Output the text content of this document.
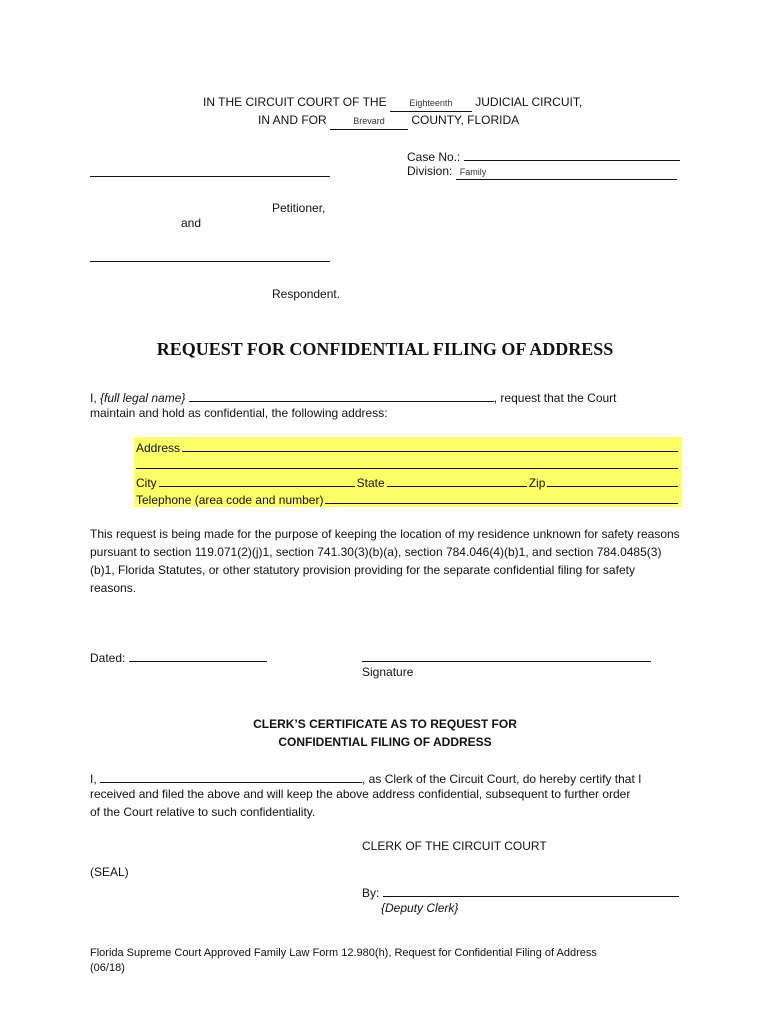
IN THE CIRCUIT COURT OF THE	Eighteenth JUDICIAL CIRCUIT,
IN AND FOR	Brevard COUNTY, FLORIDA
Case No.:
Division: Family
Petitioner,
and
Respondent.
REQUEST FOR CONFIDENTIAL FILING OF ADDRESS
I, {full legal name}	, request that the Court
maintain and hold as confidential, the following address:
Address
City	State	Zip
Telephone (area code and number)
This request is being made for the purpose of keeping the location of my residence unknown for safety reasons pursuant to section 119.071(2)(j)1, section 741.30(3)(b)(a), section 784.046(4)(b)1, and section 784.0485(3)(b)1, Florida Statutes, or other statutory provision providing for the separate confidential filing for safety reasons.
Dated:
Signature
CLERK’S CERTIFICATE AS TO REQUEST FOR
CONFIDENTIAL FILING OF ADDRESS
I,	, as Clerk of the Circuit Court, do hereby certify that I
received and filed the above and will keep the above address confidential, subsequent to further order
of the Court relative to such confidentiality.
CLERK OF THE CIRCUIT COURT
(SEAL)
By:
{Deputy Clerk}
Florida Supreme Court Approved Family Law Form 12.980(h), Request for Confidential Filing of Address
(06/18)
